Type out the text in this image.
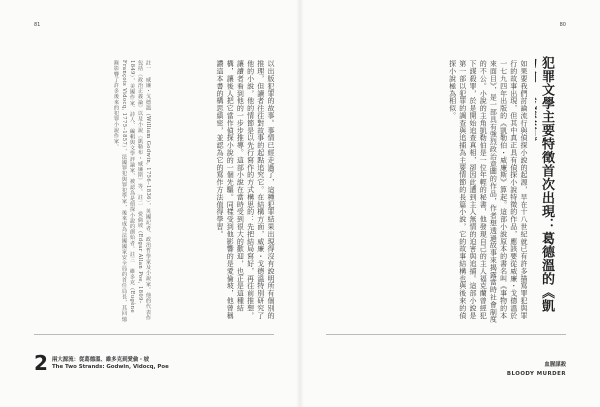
81
以出版犯罪的故事。事情已經走過了，這種犯罪結果出現得沒有說明所有個別的推理，但讀者往往對故事的起點追究它。在結構方面，威廉・戈德溫特別研究了他的小說，他的情節是以先行寫作的方式構思的：先把結局寫好，再往前推想，讓讀者看到他的一步步推導。這部小說在當時受到很大的歡迎，也正是這種結構，讓後人把它當作偵探小說的一個先驅。同樣受到他影響的是愛倫坡，他曾稱讚這本書的構思縝密，並認為它的寫作方法值得學習。
註一　威廉・戈德溫（William Godwin, 1756–1836），英國記者、政治哲學家及小說家。他的代表作包括《政治正義論》以及小說《凱勒布・威廉斯》等。註二　愛倫坡（Edgar Allan Poe, 1809–1849），美國作家、詩人、編輯與文學評論家，被認為是偵探小說的創始者。註三　維多克（Eugène François Vidocq, 1775–1857），法國罪犯與罪犯學家，後來成為法國國家安全局的首任局長，其回憶錄影響了許多後來的犯罪小說作家。
2 兩大源流：從葛德溫、維多克到愛倫・坡
The Two Strands: Godwin, Vidocq, Poe
80
犯罪文學主要特徵首次出現：葛德溫的《凱
如果要我們討論流行與偵探小說的起源，早在十八世紀就已有許多描寫罪犯與罪行的故事出現，但其中真正具有偵探小說特徵的作品，應該要從威廉・戈德溫於一七九四年出版的《凱勒伯・威廉斯》算起。這部小說原本的書名叫《事物的本來面目》，是一部具有強烈政治意圖的作品，作者想透過故事來揭露當時社會制度的不公。小說的主角凱勒伯是一位年輕的秘書，他發現自己的主人福克蘭曾經犯下謀殺罪，於是開始追查真相，卻因此遭到主人無情的迫害與追捕。這部小說是第一部以犯罪的調查與追捕為主要情節的長篇小說，它的故事結構也與後來的偵探小說極為相似。
血腥謀殺
BLOODY MURDER
